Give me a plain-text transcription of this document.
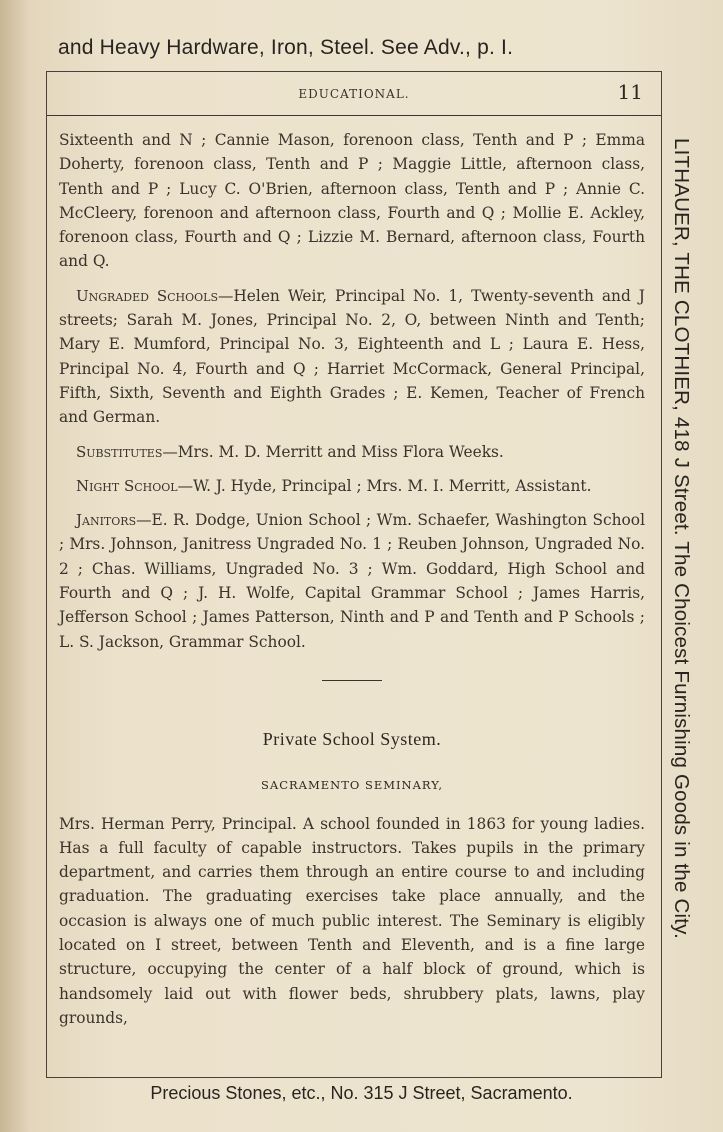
and Heavy Hardware, Iron, Steel. See Adv., p. I.
EDUCATIONAL.	11

Sixteenth and N ; Cannie Mason, forenoon class, Tenth and P ; Emma Doherty, forenoon class, Tenth and P ; Maggie Little, afternoon class, Tenth and P ; Lucy C. O'Brien, afternoon class, Tenth and P ; Annie C. McCleery, forenoon and afternoon class, Fourth and Q ; Mollie E. Ackley, forenoon class, Fourth and Q ; Lizzie M. Bernard, afternoon class, Fourth and Q.

Ungraded Schools—Helen Weir, Principal No. 1, Twenty-seventh and J streets; Sarah M. Jones, Principal No. 2, O, between Ninth and Tenth; Mary E. Mumford, Principal No. 3, Eighteenth and L ; Laura E. Hess, Principal No. 4, Fourth and Q ; Harriet McCormack, General Principal, Fifth, Sixth, Seventh and Eighth Grades ; E. Kemen, Teacher of French and German.

Substitutes—Mrs. M. D. Merritt and Miss Flora Weeks.

Night School—W. J. Hyde, Principal ; Mrs. M. I. Merritt, Assistant.

Janitors—E. R. Dodge, Union School ; Wm. Schaefer, Washington School ; Mrs. Johnson, Janitress Ungraded No. 1 ; Reuben Johnson, Ungraded No. 2 ; Chas. Williams, Ungraded No. 3 ; Wm. Goddard, High School and Fourth and Q ; J. H. Wolfe, Capital Grammar School ; James Harris, Jefferson School ; James Patterson, Ninth and P and Tenth and P Schools ; L. S. Jackson, Grammar School.

Private School System.
SACRAMENTO SEMINARY,

Mrs. Herman Perry, Principal. A school founded in 1863 for young ladies. Has a full faculty of capable instructors. Takes pupils in the primary department, and carries them through an entire course to and including graduation. The graduating exercises take place annually, and the occasion is always one of much public interest. The Seminary is eligibly located on I street, between Tenth and Eleventh, and is a fine large structure, occupying the center of a half block of ground, which is handsomely laid out with flower beds, shrubbery plats, lawns, play grounds,

LITHAUER, THE CLOTHIER, 418 J Street. The Choicest Furnishing Goods in the City.
Precious Stones, etc., No. 315 J Street, Sacramento.
